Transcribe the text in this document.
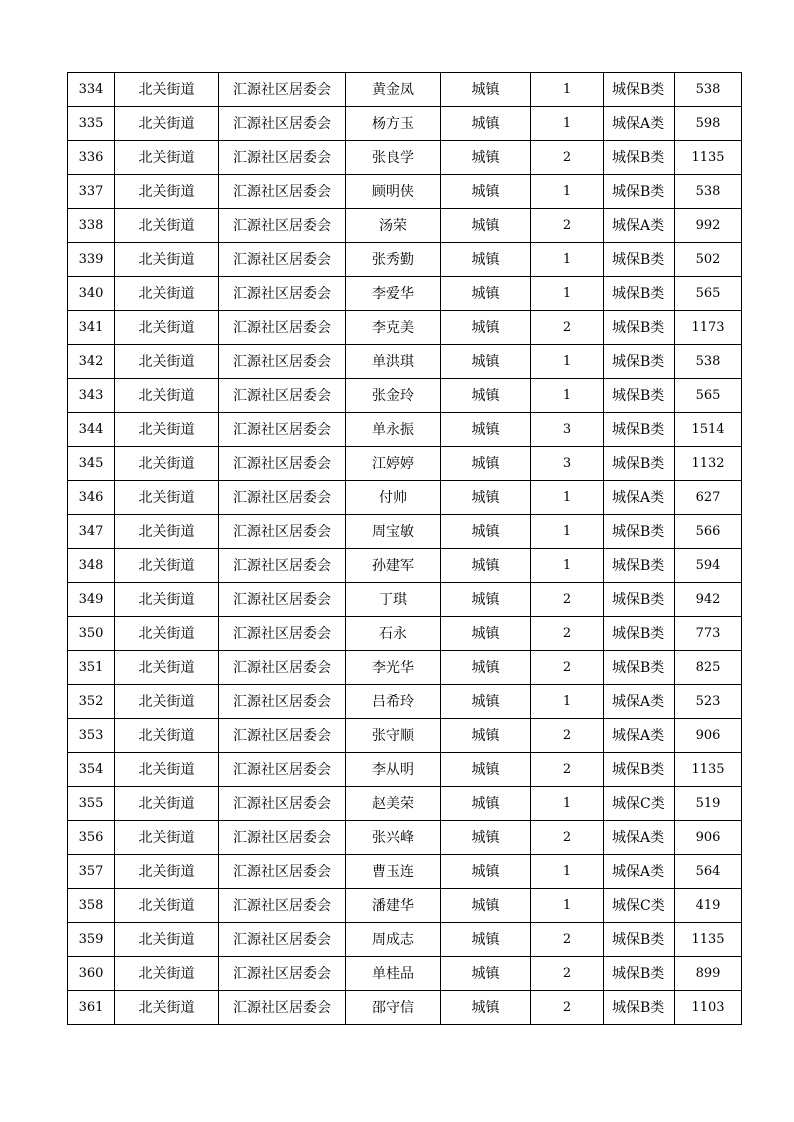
334	北关街道	汇源社区居委会	黄金凤	城镇	1	城保B类	538
335	北关街道	汇源社区居委会	杨方玉	城镇	1	城保A类	598
336	北关街道	汇源社区居委会	张良学	城镇	2	城保B类	1135
337	北关街道	汇源社区居委会	顾明侠	城镇	1	城保B类	538
338	北关街道	汇源社区居委会	汤荣	城镇	2	城保A类	992
339	北关街道	汇源社区居委会	张秀勤	城镇	1	城保B类	502
340	北关街道	汇源社区居委会	李爱华	城镇	1	城保B类	565
341	北关街道	汇源社区居委会	李克美	城镇	2	城保B类	1173
342	北关街道	汇源社区居委会	单洪琪	城镇	1	城保B类	538
343	北关街道	汇源社区居委会	张金玲	城镇	1	城保B类	565
344	北关街道	汇源社区居委会	单永振	城镇	3	城保B类	1514
345	北关街道	汇源社区居委会	江婷婷	城镇	3	城保B类	1132
346	北关街道	汇源社区居委会	付帅	城镇	1	城保A类	627
347	北关街道	汇源社区居委会	周宝敏	城镇	1	城保B类	566
348	北关街道	汇源社区居委会	孙建军	城镇	1	城保B类	594
349	北关街道	汇源社区居委会	丁琪	城镇	2	城保B类	942
350	北关街道	汇源社区居委会	石永	城镇	2	城保B类	773
351	北关街道	汇源社区居委会	李光华	城镇	2	城保B类	825
352	北关街道	汇源社区居委会	吕希玲	城镇	1	城保A类	523
353	北关街道	汇源社区居委会	张守顺	城镇	2	城保A类	906
354	北关街道	汇源社区居委会	李从明	城镇	2	城保B类	1135
355	北关街道	汇源社区居委会	赵美荣	城镇	1	城保C类	519
356	北关街道	汇源社区居委会	张兴峰	城镇	2	城保A类	906
357	北关街道	汇源社区居委会	曹玉连	城镇	1	城保A类	564
358	北关街道	汇源社区居委会	潘建华	城镇	1	城保C类	419
359	北关街道	汇源社区居委会	周成志	城镇	2	城保B类	1135
360	北关街道	汇源社区居委会	单桂品	城镇	2	城保B类	899
361	北关街道	汇源社区居委会	邵守信	城镇	2	城保B类	1103
